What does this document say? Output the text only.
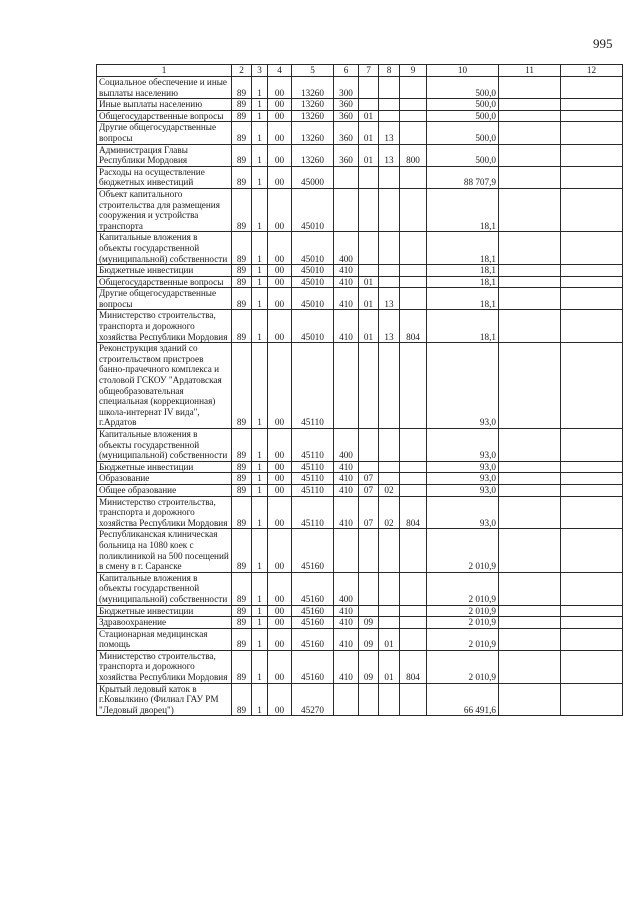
995
1	2	3	4	5	6	7	8	9	10	11	12
Социальное обеспечение и иные выплаты населению	89	1	00	13260	300				500,0		
Иные выплаты населению	89	1	00	13260	360				500,0		
Общегосударственные вопросы	89	1	00	13260	360	01			500,0		
Другие общегосударственные вопросы	89	1	00	13260	360	01	13		500,0		
Администрация Главы Республики Мордовия	89	1	00	13260	360	01	13	800	500,0		
Расходы на осуществление бюджетных инвестиций	89	1	00	45000					88 707,9		
Объект капитального строительства для размещения сооружения и устройства транспорта	89	1	00	45010					18,1		
Капитальные вложения в объекты государственной (муниципальной) собственности	89	1	00	45010	400				18,1		
Бюджетные инвестиции	89	1	00	45010	410				18,1		
Общегосударственные вопросы	89	1	00	45010	410	01			18,1		
Другие общегосударственные вопросы	89	1	00	45010	410	01	13		18,1		
Министерство строительства, транспорта и дорожного хозяйства Республики Мордовия	89	1	00	45010	410	01	13	804	18,1		
Реконструкция зданий со строительством пристроев банно-прачечного комплекса и столовой ГСКОУ "Ардатовская общеобразовательная специальная (коррекционная) школа-интернат IV вида", г.Ардатов	89	1	00	45110					93,0		
Капитальные вложения в объекты государственной (муниципальной) собственности	89	1	00	45110	400				93,0		
Бюджетные инвестиции	89	1	00	45110	410				93,0		
Образование	89	1	00	45110	410	07			93,0		
Общее образование	89	1	00	45110	410	07	02		93,0		
Министерство строительства, транспорта и дорожного хозяйства Республики Мордовия	89	1	00	45110	410	07	02	804	93,0		
Республиканская клиническая больница на 1080 коек с поликлиникой на 500 посещений в смену в г. Саранске	89	1	00	45160					2 010,9		
Капитальные вложения в объекты государственной (муниципальной) собственности	89	1	00	45160	400				2 010,9		
Бюджетные инвестиции	89	1	00	45160	410				2 010,9		
Здравоохранение	89	1	00	45160	410	09			2 010,9		
Стационарная медицинская помощь	89	1	00	45160	410	09	01		2 010,9		
Министерство строительства, транспорта и дорожного хозяйства Республики Мордовия	89	1	00	45160	410	09	01	804	2 010,9		
Крытый ледовый каток в г.Ковылкино (Филиал ГАУ РМ "Ледовый дворец")	89	1	00	45270					66 491,6		
